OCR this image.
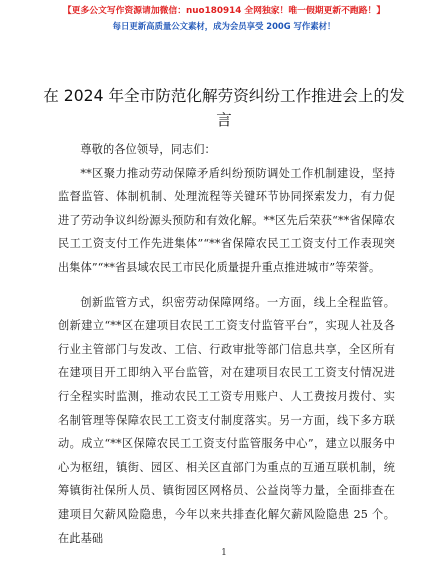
【更多公文写作资源请加微信：nuo180914 全网独家！唯一假期更新不跑路！】
每日更新高质量公文素材，成为会员享受 200G 写作素材！
在 2024 年全市防范化解劳资纠纷工作推进会上的发言

尊敬的各位领导，同志们：

**区聚力推动劳动保障矛盾纠纷预防调处工作机制建设，坚持监督监管、体制机制、处理流程等关键环节协同探索发力，有力促进了劳动争议纠纷源头预防和有效化解。**区先后荣获“**省保障农民工工资支付工作先进集体”“**省保障农民工工资支付工作表现突出集体”“**省县域农民工市民化质量提升重点推进城市”等荣誉。

创新监管方式，织密劳动保障网络。一方面，线上全程监管。创新建立“**区在建项目农民工工资支付监管平台”，实现人社及各行业主管部门与发改、工信、行政审批等部门信息共享，全区所有在建项目开工即纳入平台监管，对在建项目农民工工资支付情况进行全程实时监测，推动农民工工资专用账户、人工费按月拨付、实名制管理等保障农民工工资支付制度落实。另一方面，线下多方联动。成立“**区保障农民工工资支付监管服务中心”，建立以服务中心为枢纽，镇街、园区、相关区直部门为重点的互通互联机制，统筹镇街社保所人员、镇街园区网格员、公益岗等力量，全面排查在建项目欠薪风险隐患，今年以来共排查化解欠薪风险隐患 25 个。在此基础

1
